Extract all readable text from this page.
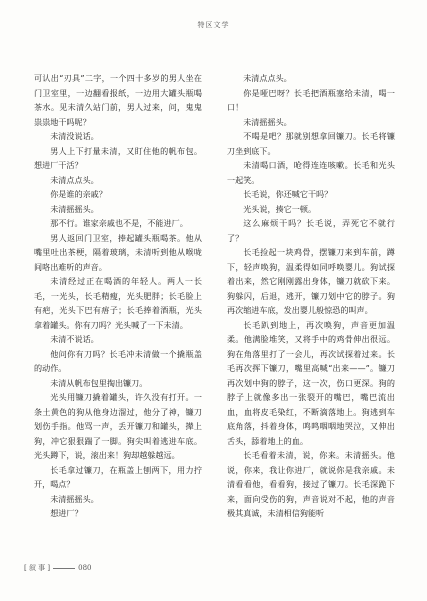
特区文学

可认出“刃具”二字，一个四十多岁的男人坐在门卫室里，一边翻看报纸，一边用大罐头瓶喝茶水。见未清久站门前，男人过来，问，鬼鬼祟祟地干吗呢？

未清没说话。

男人上下打量未清，又盯住他的帆布包。想进厂干活？

未清点点头。

你是谁的亲戚？

未清摇摇头。

那不行。谁家亲戚也不是，不能进厂。

男人返回门卫室，捧起罐头瓶喝茶。他从嘴里吐出茶梗，隔着玻璃，未清听到他从喉咙间咯出难听的声音。

未清经过正在喝酒的年轻人。两人一长毛，一光头，长毛精瘦，光头肥胖；长毛脸上有疤，光头下巴有痦子；长毛捧着酒瓶，光头拿着罐头。你有刀吗？光头喊了一下未清。

未清不说话。

他问你有刀吗？长毛冲未清做一个撬瓶盖的动作。

未清从帆布包里掏出镰刀。

光头用镰刀撬着罐头，许久没有打开。一条土黄色的狗从他身边溜过，他分了神，镰刀划伤手指。他骂一声，丢开镰刀和罐头，撵上狗，冲它狠狠踹了一脚。狗尖叫着逃进车底。光头蹲下，说，滚出来！狗却越躲越远。

长毛拿过镰刀，在瓶盖上刨两下，用力拧开，喝点？

未清摇摇头。

想进厂？

未清点点头。

你是哑巴呀？长毛把酒瓶塞给未清，喝一口！

未清摇摇头。

不喝是吧？那就别想拿回镰刀。长毛将镰刀坐到底下。

未清喝口酒，呛得连连咳嗽。长毛和光头一起笑。

长毛说，你还喊它干吗？

光头说，揍它一顿。

这么麻烦干吗？长毛说，弄死它不就行了？

长毛捡起一块鸡骨，摆镰刀来到车前，蹲下，轻声唤狗，温柔得如同呼唤婴儿。狗试探着出来，然它刚刚露出身体，镰刀就砍下来。狗躲闪，后退，逃开，镰刀划中它的脖子。狗再次缩进车底，发出婴儿般惊恐的叫声。

长毛趴到地上，再次唤狗，声音更加温柔。他满脸堆笑，又将手中的鸡骨伸出很远。狗在角落里打了一会儿，再次试探着过来。长毛再次挥下镰刀，嘴里高喊“出来——”。镰刀再次划中狗的脖子，这一次，伤口更深。狗的脖子上就像多出一张裂开的嘴巴，嘴巴流出血，血将皮毛染红，不断滴落地上。狗逃到车底角落，抖着身体，鸣鸣咽咽地哭泣，又伸出舌头，舔着地上的血。

长毛看着未清，说，你来。未清摇头。他说，你来，我让你进厂，就说你是我亲戚。未清看看他，看看狗，接过了镰刀。长毛深跪下来，面向受伤的狗，声音说对不起，他的声音极其真诚，未清相信狗能听

[ 叙 事 ]	080
